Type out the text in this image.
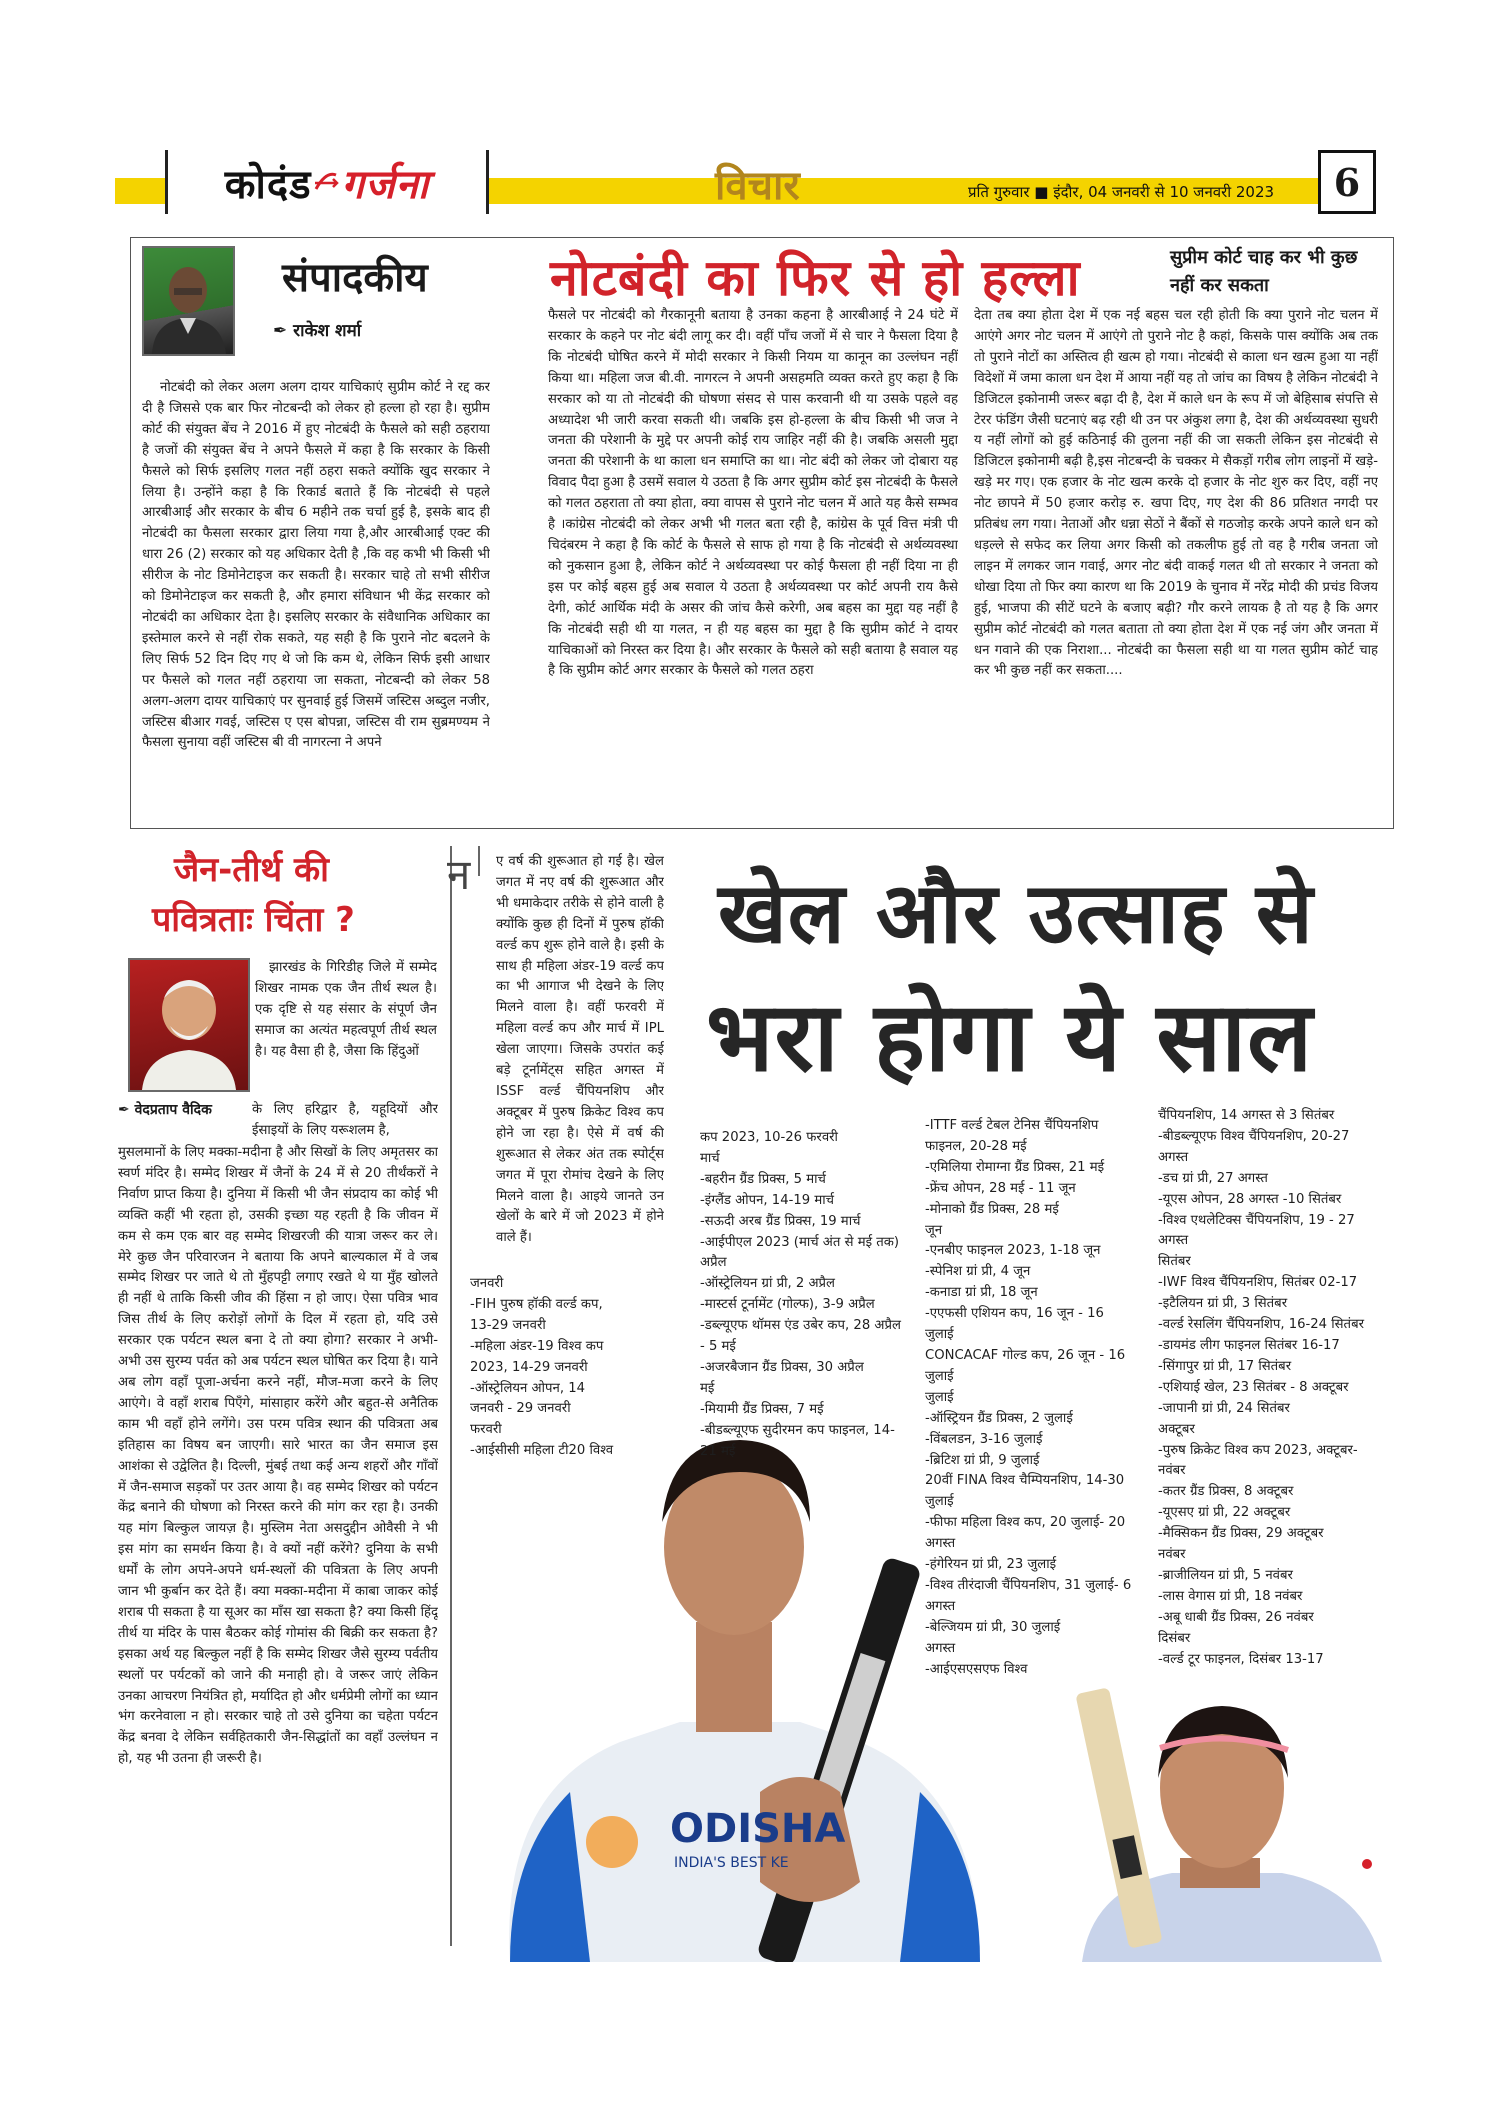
कोदंड गर्जना	विचार	प्रति गुरुवार ■ इंदौर, 04 जनवरी से 10 जनवरी 2023	6
संपादकीय
✒ राकेश शर्मा
नोटबंदी का फिर से हो हल्ला	सुप्रीम कोर्ट चाह कर भी कुछ नहीं कर सकता
नोटबंदी को लेकर अलग अलग दायर याचिकाएं सुप्रीम कोर्ट ने रद्द कर दी है जिससे एक बार फिर नोटबन्दी को लेकर हो हल्ला हो रहा है। सुप्रीम कोर्ट की संयुक्त बेंच ने 2016 में हुए नोटबंदी के फैसले को सही ठहराया है जजों की संयुक्त बेंच ने अपने फैसले में कहा है कि सरकार के किसी फैसले को सिर्फ इसलिए गलत नहीं ठहरा सकते क्योंकि खुद सरकार ने लिया है। उन्होंने कहा है कि रिकार्ड बताते हैं कि नोटबंदी से पहले आरबीआई और सरकार के बीच 6 महीने तक चर्चा हुई है, इसके बाद ही नोटबंदी का फैसला सरकार द्वारा लिया गया है,और आरबीआई एक्ट की धारा 26 (2) सरकार को यह अधिकार देती है ,कि वह कभी भी किसी भी सीरीज के नोट डिमोनेटाइज कर सकती है। सरकार चाहे तो सभी सीरीज को डिमोनेटाइज कर सकती है, और हमारा संविधान भी केंद्र सरकार को नोटबंदी का अधिकार देता है। इसलिए सरकार के संवैधानिक अधिकार का इस्तेमाल करने से नहीं रोक सकते, यह सही है कि पुराने नोट बदलने के लिए सिर्फ 52 दिन दिए गए थे जो कि कम थे, लेकिन सिर्फ इसी आधार पर फैसले को गलत नहीं ठहराया जा सकता, नोटबन्दी को लेकर 58 अलग-अलग दायर याचिकाएं पर सुनवाई हुई जिसमें जस्टिस अब्दुल नजीर, जस्टिस बीआर गवई, जस्टिस ए एस बोपन्ना, जस्टिस वी राम सुब्रमण्यम ने फैसला सुनाया वहीं जस्टिस बी वी नागरत्ना ने अपने
फैसले पर नोटबंदी को गैरकानूनी बताया है उनका कहना है आरबीआई ने 24 घंटे में सरकार के कहने पर नोट बंदी लागू कर दी। वहीं पाँच जजों में से चार ने फैसला दिया है कि नोटबंदी घोषित करने में मोदी सरकार ने किसी नियम या कानून का उल्लंघन नहीं किया था। महिला जज बी.वी. नागरत्न ने अपनी असहमति व्यक्त करते हुए कहा है कि सरकार को या तो नोटबंदी की घोषणा संसद से पास करवानी थी या उसके पहले वह अध्यादेश भी जारी करवा सकती थी। जबकि इस हो-हल्ला के बीच किसी भी जज ने जनता की परेशानी के मुद्दे पर अपनी कोई राय जाहिर नहीं की है। जबकि असली मुद्दा जनता की परेशानी के था काला धन समाप्ति का था। नोट बंदी को लेकर जो दोबारा यह विवाद पैदा हुआ है उसमें सवाल ये उठता है कि अगर सुप्रीम कोर्ट इस नोटबंदी के फैसले को गलत ठहराता तो क्या होता, क्या वापस से पुराने नोट चलन में आते यह कैसे सम्भव है ।कांग्रेस नोटबंदी को लेकर अभी भी गलत बता रही है, कांग्रेस के पूर्व वित्त मंत्री पी चिदंबरम ने कहा है कि कोर्ट के फैसले से साफ हो गया है कि नोटबंदी से अर्थव्यवस्था को नुकसान हुआ है, लेकिन कोर्ट ने अर्थव्यवस्था पर कोई फैसला ही नहीं दिया ना ही इस पर कोई बहस हुई अब सवाल ये उठता है अर्थव्यवस्था पर कोर्ट अपनी राय कैसे देगी, कोर्ट आर्थिक मंदी के असर की जांच कैसे करेगी, अब बहस का मुद्दा यह नहीं है कि नोटबंदी सही थी या गलत, न ही यह बहस का मुद्दा है कि सुप्रीम कोर्ट ने दायर याचिकाओं को निरस्त कर दिया है। और सरकार के फैसले को सही बताया है सवाल यह है कि सुप्रीम कोर्ट अगर सरकार के फैसले को गलत ठहरा
देता तब क्या होता देश में एक नई बहस चल रही होती कि क्या पुराने नोट चलन में आएंगे अगर नोट चलन में आएंगे तो पुराने नोट है कहां, किसके पास क्योंकि अब तक तो पुराने नोटों का अस्तित्व ही खत्म हो गया। नोटबंदी से काला धन खत्म हुआ या नहीं विदेशों में जमा काला धन देश में आया नहीं यह तो जांच का विषय है लेकिन नोटबंदी ने डिजिटल इकोनामी जरूर बढ़ा दी है, देश में काले धन के रूप में जो बेहिसाब संपत्ति से टेरर फंडिंग जैसी घटनाएं बढ़ रही थी उन पर अंकुश लगा है, देश की अर्थव्यवस्था सुधरी य नहीं लोगों को हुई कठिनाई की तुलना नहीं की जा सकती लेकिन इस नोटबंदी से डिजिटल इकोनामी बढ़ी है,इस नोटबन्दी के चक्कर मे सैकड़ों गरीब लोग लाइनों में खड़े-खड़े मर गए। एक हजार के नोट खत्म करके दो हजार के नोट शुरु कर दिए, वहीं नए नोट छापने में 50 हजार करोड़ रु. खपा दिए, गए देश की 86 प्रतिशत नगदी पर प्रतिबंध लग गया। नेताओं और धन्ना सेठों ने बैंकों से गठजोड़ करके अपने काले धन को धड़ल्ले से सफेद कर लिया अगर किसी को तकलीफ हुई तो वह है गरीब जनता जो लाइन में लगकर जान गवाई, अगर नोट बंदी वाकई गलत थी तो सरकार ने जनता को धोखा दिया तो फिर क्या कारण था कि 2019 के चुनाव में नरेंद्र मोदी की प्रचंड विजय हुई, भाजपा की सीटें घटने के बजाए बढ़ी? गौर करने लायक है तो यह है कि अगर सुप्रीम कोर्ट नोटबंदी को गलत बताता तो क्या होता देश में एक नई जंग और जनता में धन गवाने की एक निराशा... नोटबंदी का फैसला सही था या गलत सुप्रीम कोर्ट चाह कर भी कुछ नहीं कर सकता....
जैन-तीर्थ की
पवित्रताः चिंता ?
झारखंड के गिरिडीह जिले में सम्मेद शिखर नामक एक जैन तीर्थ स्थल है। एक दृष्टि से यह संसार के संपूर्ण जैन समाज का अत्यंत महत्वपूर्ण तीर्थ स्थल है। यह वैसा ही है, जैसा कि हिंदुओं
✒ वेदप्रताप वैदिक	के लिए हरिद्वार है, यहूदियों और ईसाइयों के लिए यरूशलम है,
मुसलमानों के लिए मक्का-मदीना है और सिखों के लिए अमृतसर का स्वर्ण मंदिर है। सम्मेद शिखर में जैनों के 24 में से 20 तीर्थंकरों ने निर्वाण प्राप्त किया है। दुनिया में किसी भी जैन संप्रदाय का कोई भी व्यक्ति कहीं भी रहता हो, उसकी इच्छा यह रहती है कि जीवन में कम से कम एक बार वह सम्मेद शिखरजी की यात्रा जरूर कर ले। मेरे कुछ जैन परिवारजन ने बताया कि अपने बाल्यकाल में वे जब सम्मेद शिखर पर जाते थे तो मुँहपट्टी लगाए रखते थे या मुँह खोलते ही नहीं थे ताकि किसी जीव की हिंसा न हो जाए। ऐसा पवित्र भाव जिस तीर्थ के लिए करोड़ों लोगों के दिल में रहता हो, यदि उसे सरकार एक पर्यटन स्थल बना दे तो क्या होगा? सरकार ने अभी-अभी उस सुरम्य पर्वत को अब पर्यटन स्थल घोषित कर दिया है। याने अब लोग वहाँ पूजा-अर्चना करने नहीं, मौज-मजा करने के लिए आएंगे। वे वहाँ शराब पिएँगे, मांसाहार करेंगे और बहुत-से अनैतिक काम भी वहाँ होने लगेंगे। उस परम पवित्र स्थान की पवित्रता अब इतिहास का विषय बन जाएगी। सारे भारत का जैन समाज इस आशंका से उद्वेलित है। दिल्ली, मुंबई तथा कई अन्य शहरों और गाँवों में जैन-समाज सड़कों पर उतर आया है। वह सम्मेद शिखर को पर्यटन केंद्र बनाने की घोषणा को निरस्त करने की मांग कर रहा है। उनकी यह मांग बिल्कुल जायज़ है। मुस्लिम नेता असदुद्दीन ओवैसी ने भी इस मांग का समर्थन किया है। वे क्यों नहीं करेंगे? दुनिया के सभी धर्मों के लोग अपने-अपने धर्म-स्थलों की पवित्रता के लिए अपनी जान भी कुर्बान कर देते हैं। क्या मक्का-मदीना में काबा जाकर कोई शराब पी सकता है या सूअर का माँस खा सकता है? क्या किसी हिंदू तीर्थ या मंदिर के पास बैठकर कोई गोमांस की बिक्री कर सकता है? इसका अर्थ यह बिल्कुल नहीं है कि सम्मेद शिखर जैसे सुरम्य पर्वतीय स्थलों पर पर्यटकों को जाने की मनाही हो। वे जरूर जाएं लेकिन उनका आचरण नियंत्रित हो, मर्यादित हो और धर्मप्रेमी लोगों का ध्यान भंग करनेवाला न हो। सरकार चाहे तो उसे दुनिया का चहेता पर्यटन केंद्र बनवा दे लेकिन सर्वहितकारी जैन-सिद्धांतों का वहाँ उल्लंघन न हो, यह भी उतना ही जरूरी है।
न ए वर्ष की शुरूआत हो गई है। खेल जगत में नए वर्ष की शुरूआत और भी धमाकेदार तरीके से होने वाली है क्योंकि कुछ ही दिनों में पुरुष हॉकी वर्ल्ड कप शुरू होने वाले है। इसी के साथ ही महिला अंडर-19 वर्ल्ड कप का भी आगाज भी देखने के लिए मिलने वाला है। वहीं फरवरी में महिला वर्ल्ड कप और मार्च में IPL खेला जाएगा। जिसके उपरांत कई बड़े टूर्नामेंट्स सहित अगस्त में ISSF वर्ल्ड चैंपियनशिप और अक्टूबर में पुरुष क्रिकेट विश्व कप होने जा रहा है। ऐसे में वर्ष की शुरूआत से लेकर अंत तक स्पोर्ट्स जगत में पूरा रोमांच देखने के लिए मिलने वाला है। आइये जानते उन खेलों के बारे में जो 2023 में होने वाले हैं।
खेल और उत्साह से
भरा होगा ये साल
ODISHA
INDIA'S BEST KE
जनवरी
-FIH पुरुष हॉकी वर्ल्ड कप, 13-29 जनवरी
-महिला अंडर-19 विश्व कप 2023, 14-29 जनवरी
-ऑस्ट्रेलियन ओपन, 14 जनवरी - 29 जनवरी
फरवरी
-आईसीसी महिला टी20 विश्व
कप 2023, 10-26 फरवरी
मार्च
-बहरीन ग्रैंड प्रिक्स, 5 मार्च
-इंग्लैंड ओपन, 14-19 मार्च
-सऊदी अरब ग्रैंड प्रिक्स, 19 मार्च
-आईपीएल 2023 (मार्च अंत से मई तक)
अप्रैल
-ऑस्ट्रेलियन ग्रां प्री, 2 अप्रैल
-मास्टर्स टूर्नामेंट (गोल्फ), 3-9 अप्रैल
-डब्ल्यूएफ थॉमस एंड उबेर कप, 28 अप्रैल - 5 मई
-अजरबैजान ग्रैंड प्रिक्स, 30 अप्रैल
मई
-मियामी ग्रैंड प्रिक्स, 7 मई
-बीडब्ल्यूएफ सुदीरमन कप फाइनल, 14-21 मई
-ITTF वर्ल्ड टेबल टेनिस चैंपियनशिप फाइनल, 20-28 मई
-एमिलिया रोमाग्ना ग्रैंड प्रिक्स, 21 मई
-फ्रेंच ओपन, 28 मई - 11 जून
-मोनाको ग्रैंड प्रिक्स, 28 मई
जून
-एनबीए फाइनल 2023, 1-18 जून
-स्पेनिश ग्रां प्री, 4 जून
-कनाडा ग्रां प्री, 18 जून
-एएफसी एशियन कप, 16 जून - 16 जुलाई
CONCACAF गोल्ड कप, 26 जून - 16 जुलाई
जुलाई
-ऑस्ट्रियन ग्रैंड प्रिक्स, 2 जुलाई
-विंबलडन, 3-16 जुलाई
-ब्रिटिश ग्रां प्री, 9 जुलाई
20वीं FINA विश्व चैम्पियनशिप, 14-30 जुलाई
-फीफा महिला विश्व कप, 20 जुलाई- 20 अगस्त
-हंगेरियन ग्रां प्री, 23 जुलाई
-विश्व तीरंदाजी चैंपियनशिप, 31 जुलाई- 6 अगस्त
-बेल्जियम ग्रां प्री, 30 जुलाई
अगस्त
-आईएसएसएफ विश्व
चैंपियनशिप, 14 अगस्त से 3 सितंबर
-बीडब्ल्यूएफ विश्व चैंपियनशिप, 20-27 अगस्त
-डच ग्रां प्री, 27 अगस्त
-यूएस ओपन, 28 अगस्त -10 सितंबर
-विश्व एथलेटिक्स चैंपियनशिप, 19 - 27 अगस्त
सितंबर
-IWF विश्व चैंपियनशिप, सितंबर 02-17
-इटैलियन ग्रां प्री, 3 सितंबर
-वर्ल्ड रेसलिंग चैंपियनशिप, 16-24 सितंबर
-डायमंड लीग फाइनल सितंबर 16-17
-सिंगापुर ग्रां प्री, 17 सितंबर
-एशियाई खेल, 23 सितंबर - 8 अक्टूबर
-जापानी ग्रां प्री, 24 सितंबर
अक्टूबर
-पुरुष क्रिकेट विश्व कप 2023, अक्टूबर-नवंबर
-कतर ग्रैंड प्रिक्स, 8 अक्टूबर
-यूएसए ग्रां प्री, 22 अक्टूबर
-मैक्सिकन ग्रैंड प्रिक्स, 29 अक्टूबर
नवंबर
-ब्राजीलियन ग्रां प्री, 5 नवंबर
-लास वेगास ग्रां प्री, 18 नवंबर
-अबू धाबी ग्रैंड प्रिक्स, 26 नवंबर
दिसंबर
-वर्ल्ड टूर फाइनल, दिसंबर 13-17
